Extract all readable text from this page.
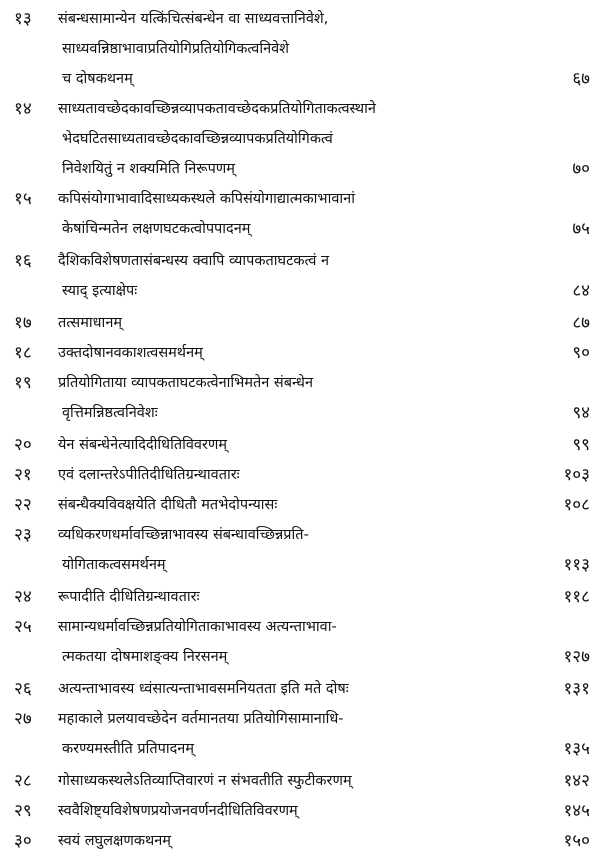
१३	संबन्धसामान्येन यत्किंचित्संबन्धेन वा साध्यवत्तानिवेशे,
साध्यवन्निष्ठाभावाप्रतियोगिप्रतियोगिकत्वनिवेशे
च दोषकथनम्	६७
१४	साध्यतावच्छेदकावच्छिन्नव्यापकतावच्छेदकप्रतियोगिताकत्वस्थाने
भेदघटितसाध्यतावच्छेदकावच्छिन्नव्यापकप्रतियोगिकत्वं
निवेशयितुं न शक्यमिति निरूपणम्	७०
१५	कपिसंयोगाभावादिसाध्यकस्थले कपिसंयोगाद्यात्मकाभावानां
केषांचिन्मतेन लक्षणघटकत्वोपपादनम्	७५
१६	दैशिकविशेषणतासंबन्धस्य क्वापि व्यापकताघटकत्वं न
स्याद् इत्याक्षेपः	८४
१७	तत्समाधानम्	८७
१८	उक्तदोषानवकाशत्वसमर्थनम्	९०
१९	प्रतियोगिताया व्यापकताघटकत्वेनाभिमतेन संबन्धेन
वृत्तिमन्निष्ठत्वनिवेशः	९४
२०	येन संबन्धेनेत्यादिदीधितिविवरणम्	९९
२१	एवं दलान्तरेऽपीतिदीधितिग्रन्थावतारः	१०३
२२	संबन्धैक्यविवक्षयेति दीधितौ मतभेदोपन्यासः	१०८
२३	व्यधिकरणधर्मावच्छिन्नाभावस्य संबन्धावच्छिन्नप्रति-
योगिताकत्वसमर्थनम्	११३
२४	रूपादीति दीधितिग्रन्थावतारः	११८
२५	सामान्यधर्मावच्छिन्नप्रतियोगिताकाभावस्य अत्यन्ताभावा-
त्मकतया दोषमाशङ्क्य निरसनम्	१२७
२६	अत्यन्ताभावस्य ध्वंसात्यन्ताभावसमनियतता इति मते दोषः	१३१
२७	महाकाले प्रलयावच्छेदेन वर्तमानतया प्रतियोगिसामानाधि-
करण्यमस्तीति प्रतिपादनम्	१३५
२८	गोसाध्यकस्थलेऽतिव्याप्तिवारणं न संभवतीति स्फुटीकरणम्	१४२
२९	स्ववैशिष्ट्यविशेषणप्रयोजनवर्णनदीधितिविवरणम्	१४५
३०	स्वयं लघुलक्षणकथनम्	१५०
